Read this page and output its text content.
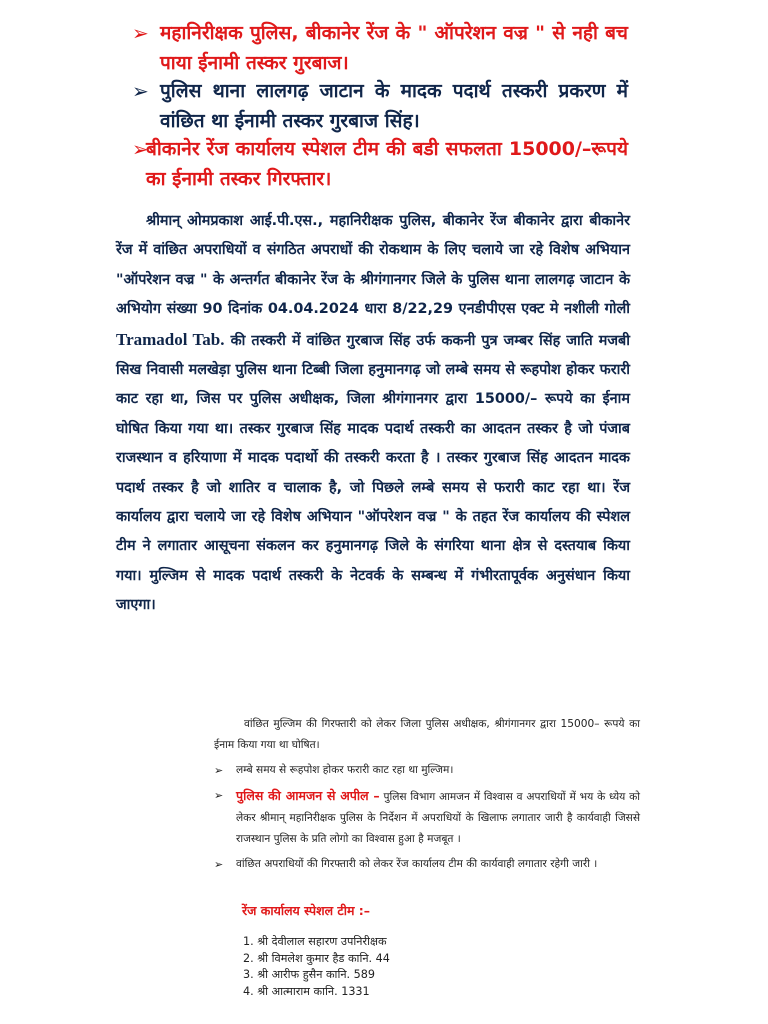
➢ महानिरीक्षक पुलिस, बीकानेर रेंज के " ऑपरेशन वज्र " से नही बच पाया ईनामी तस्कर गुरबाज।
➢ पुलिस थाना लालगढ़ जाटान के मादक पदार्थ तस्करी प्रकरण में वांछित था ईनामी तस्कर गुरबाज सिंह।
➢
बीकानेर रेंज कार्यालय स्पेशल टीम की बडी सफलता 15000/–रूपये का ईनामी तस्कर गिरफ्तार।

श्रीमान् ओमप्रकाश आई.पी.एस., महानिरीक्षक पुलिस, बीकानेर रेंज बीकानेर द्वारा बीकानेर रेंज में वांछित अपराधियों व संगठित अपराधों की रोकथाम के लिए चलाये जा रहे विशेष अभियान "ऑपरेशन वज्र " के अन्तर्गत बीकानेर रेंज के श्रीगंगानगर जिले के पुलिस थाना लालगढ़ जाटान के अभियोग संख्या 90 दिनांक 04.04.2024 धारा 8/22,29 एनडीपीएस एक्ट मे नशीली गोली Tramadol Tab. की तस्करी में वांछित गुरबाज सिंह उर्फ ककनी पुत्र जम्बर सिंह जाति मजबी सिख निवासी मलखेड़ा पुलिस थाना टिब्बी जिला हनुमानगढ़ जो लम्बे समय से रूहपोश होकर फरारी काट रहा था, जिस पर पुलिस अधीक्षक, जिला श्रीगंगानगर द्वारा 15000/– रूपये का ईनाम घोषित किया गया था। तस्कर गुरबाज सिंह मादक पदार्थ तस्करी का आदतन तस्कर है जो पंजाब राजस्थान व हरियाणा में मादक पदार्थो की तस्करी करता है । तस्कर गुरबाज सिंह आदतन मादक पदार्थ तस्कर है जो शातिर व चालाक है, जो पिछले लम्बे समय से फरारी काट रहा था। रेंज कार्यालय द्वारा चलाये जा रहे विशेष अभियान "ऑपरेशन वज्र " के तहत रेंज कार्यालय की स्पेशल टीम ने लगातार आसूचना संकलन कर हनुमानगढ़ जिले के संगरिया थाना क्षेत्र से दस्तयाब किया गया। मुल्जिम से मादक पदार्थ तस्करी के नेटवर्क के सम्बन्ध में गंभीरतापूर्वक अनुसंधान किया जाएगा।

वांछित मुल्जिम की गिरफ्तारी को लेकर जिला पुलिस अधीक्षक, श्रीगंगानगर द्वारा 15000– रूपये का ईनाम किया गया था घोषित।

➢	लम्बे समय से रूहपोश होकर फरारी काट रहा था मुल्जिम।
➢	पुलिस की आमजन से अपील – पुलिस विभाग आमजन में विश्वास व अपराधियों में भय के ध्येय को लेकर श्रीमान् महानिरीक्षक पुलिस के निर्देशन में अपराधियों के खिलाफ लगातार जारी है कार्यवाही जिससे राजस्थान पुलिस के प्रति लोगो का विश्वास हुआ है मजबूत ।
➢	वांछित अपराधियों की गिरफ्तारी को लेकर रेंज कार्यालय टीम की कार्यवाही लगातार रहेगी जारी ।

रेंज कार्यालय स्पेशल टीम :–

1. श्री देवीलाल सहारण उपनिरीक्षक
2. श्री विमलेश कुमार हैड कानि. 44
3. श्री आरीफ हुसैन कानि. 589
4. श्री आत्माराम कानि. 1331
